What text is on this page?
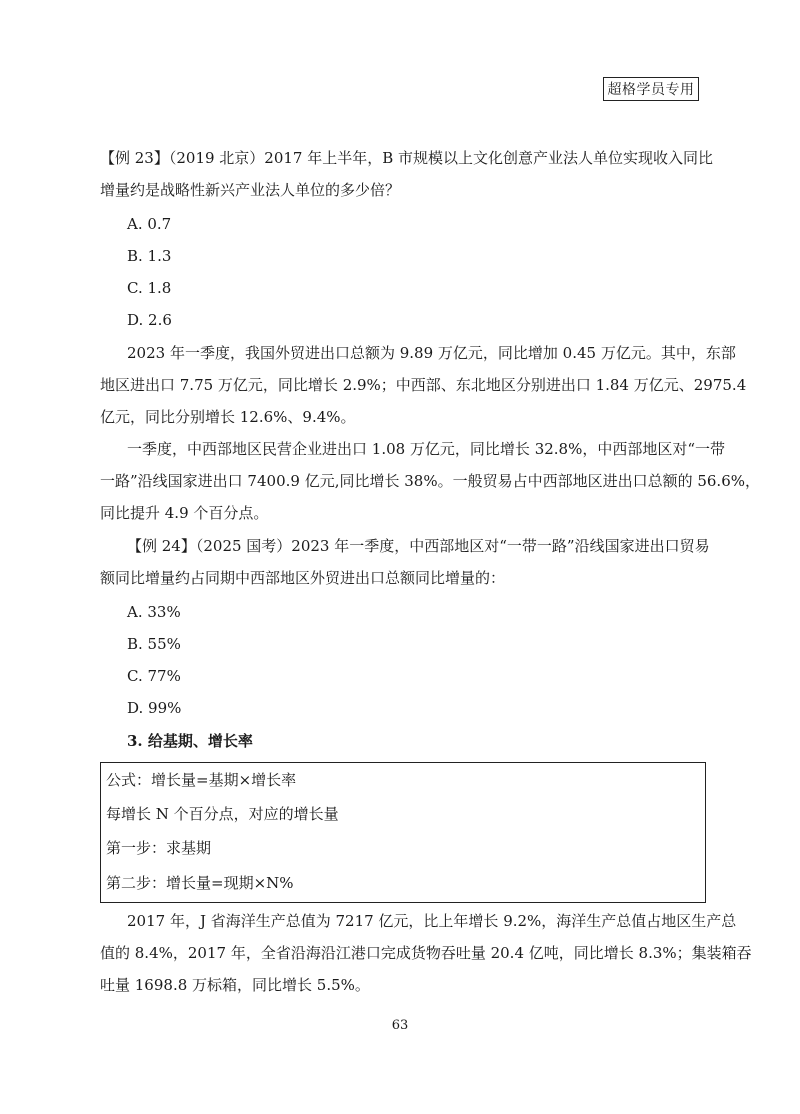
超格学员专用
【例 23】（2019 北京）2017 年上半年，B 市规模以上文化创意产业法人单位实现收入同比
增量约是战略性新兴产业法人单位的多少倍？
A. 0.7
B. 1.3
C. 1.8
D. 2.6
2023 年一季度，我国外贸进出口总额为 9.89 万亿元，同比增加 0.45 万亿元。其中，东部
地区进出口 7.75 万亿元，同比增长 2.9%；中西部、东北地区分别进出口 1.84 万亿元、2975.4
亿元，同比分别增长 12.6%、9.4%。
一季度，中西部地区民营企业进出口 1.08 万亿元，同比增长 32.8%，中西部地区对“一带
一路”沿线国家进出口 7400.9 亿元,同比增长 38%。一般贸易占中西部地区进出口总额的 56.6%，
同比提升 4.9 个百分点。
【例 24】（2025 国考）2023 年一季度，中西部地区对“一带一路”沿线国家进出口贸易
额同比增量约占同期中西部地区外贸进出口总额同比增量的：
A. 33%
B. 55%
C. 77%
D. 99%
3. 给基期、增长率
公式：增长量=基期×增长率
每增长 N 个百分点，对应的增长量
第一步：求基期
第二步：增长量=现期×N%
2017 年，J 省海洋生产总值为 7217 亿元，比上年增长 9.2%，海洋生产总值占地区生产总
值的 8.4%，2017 年，全省沿海沿江港口完成货物吞吐量 20.4 亿吨，同比增长 8.3%；集装箱吞
吐量 1698.8 万标箱，同比增长 5.5%。
63
